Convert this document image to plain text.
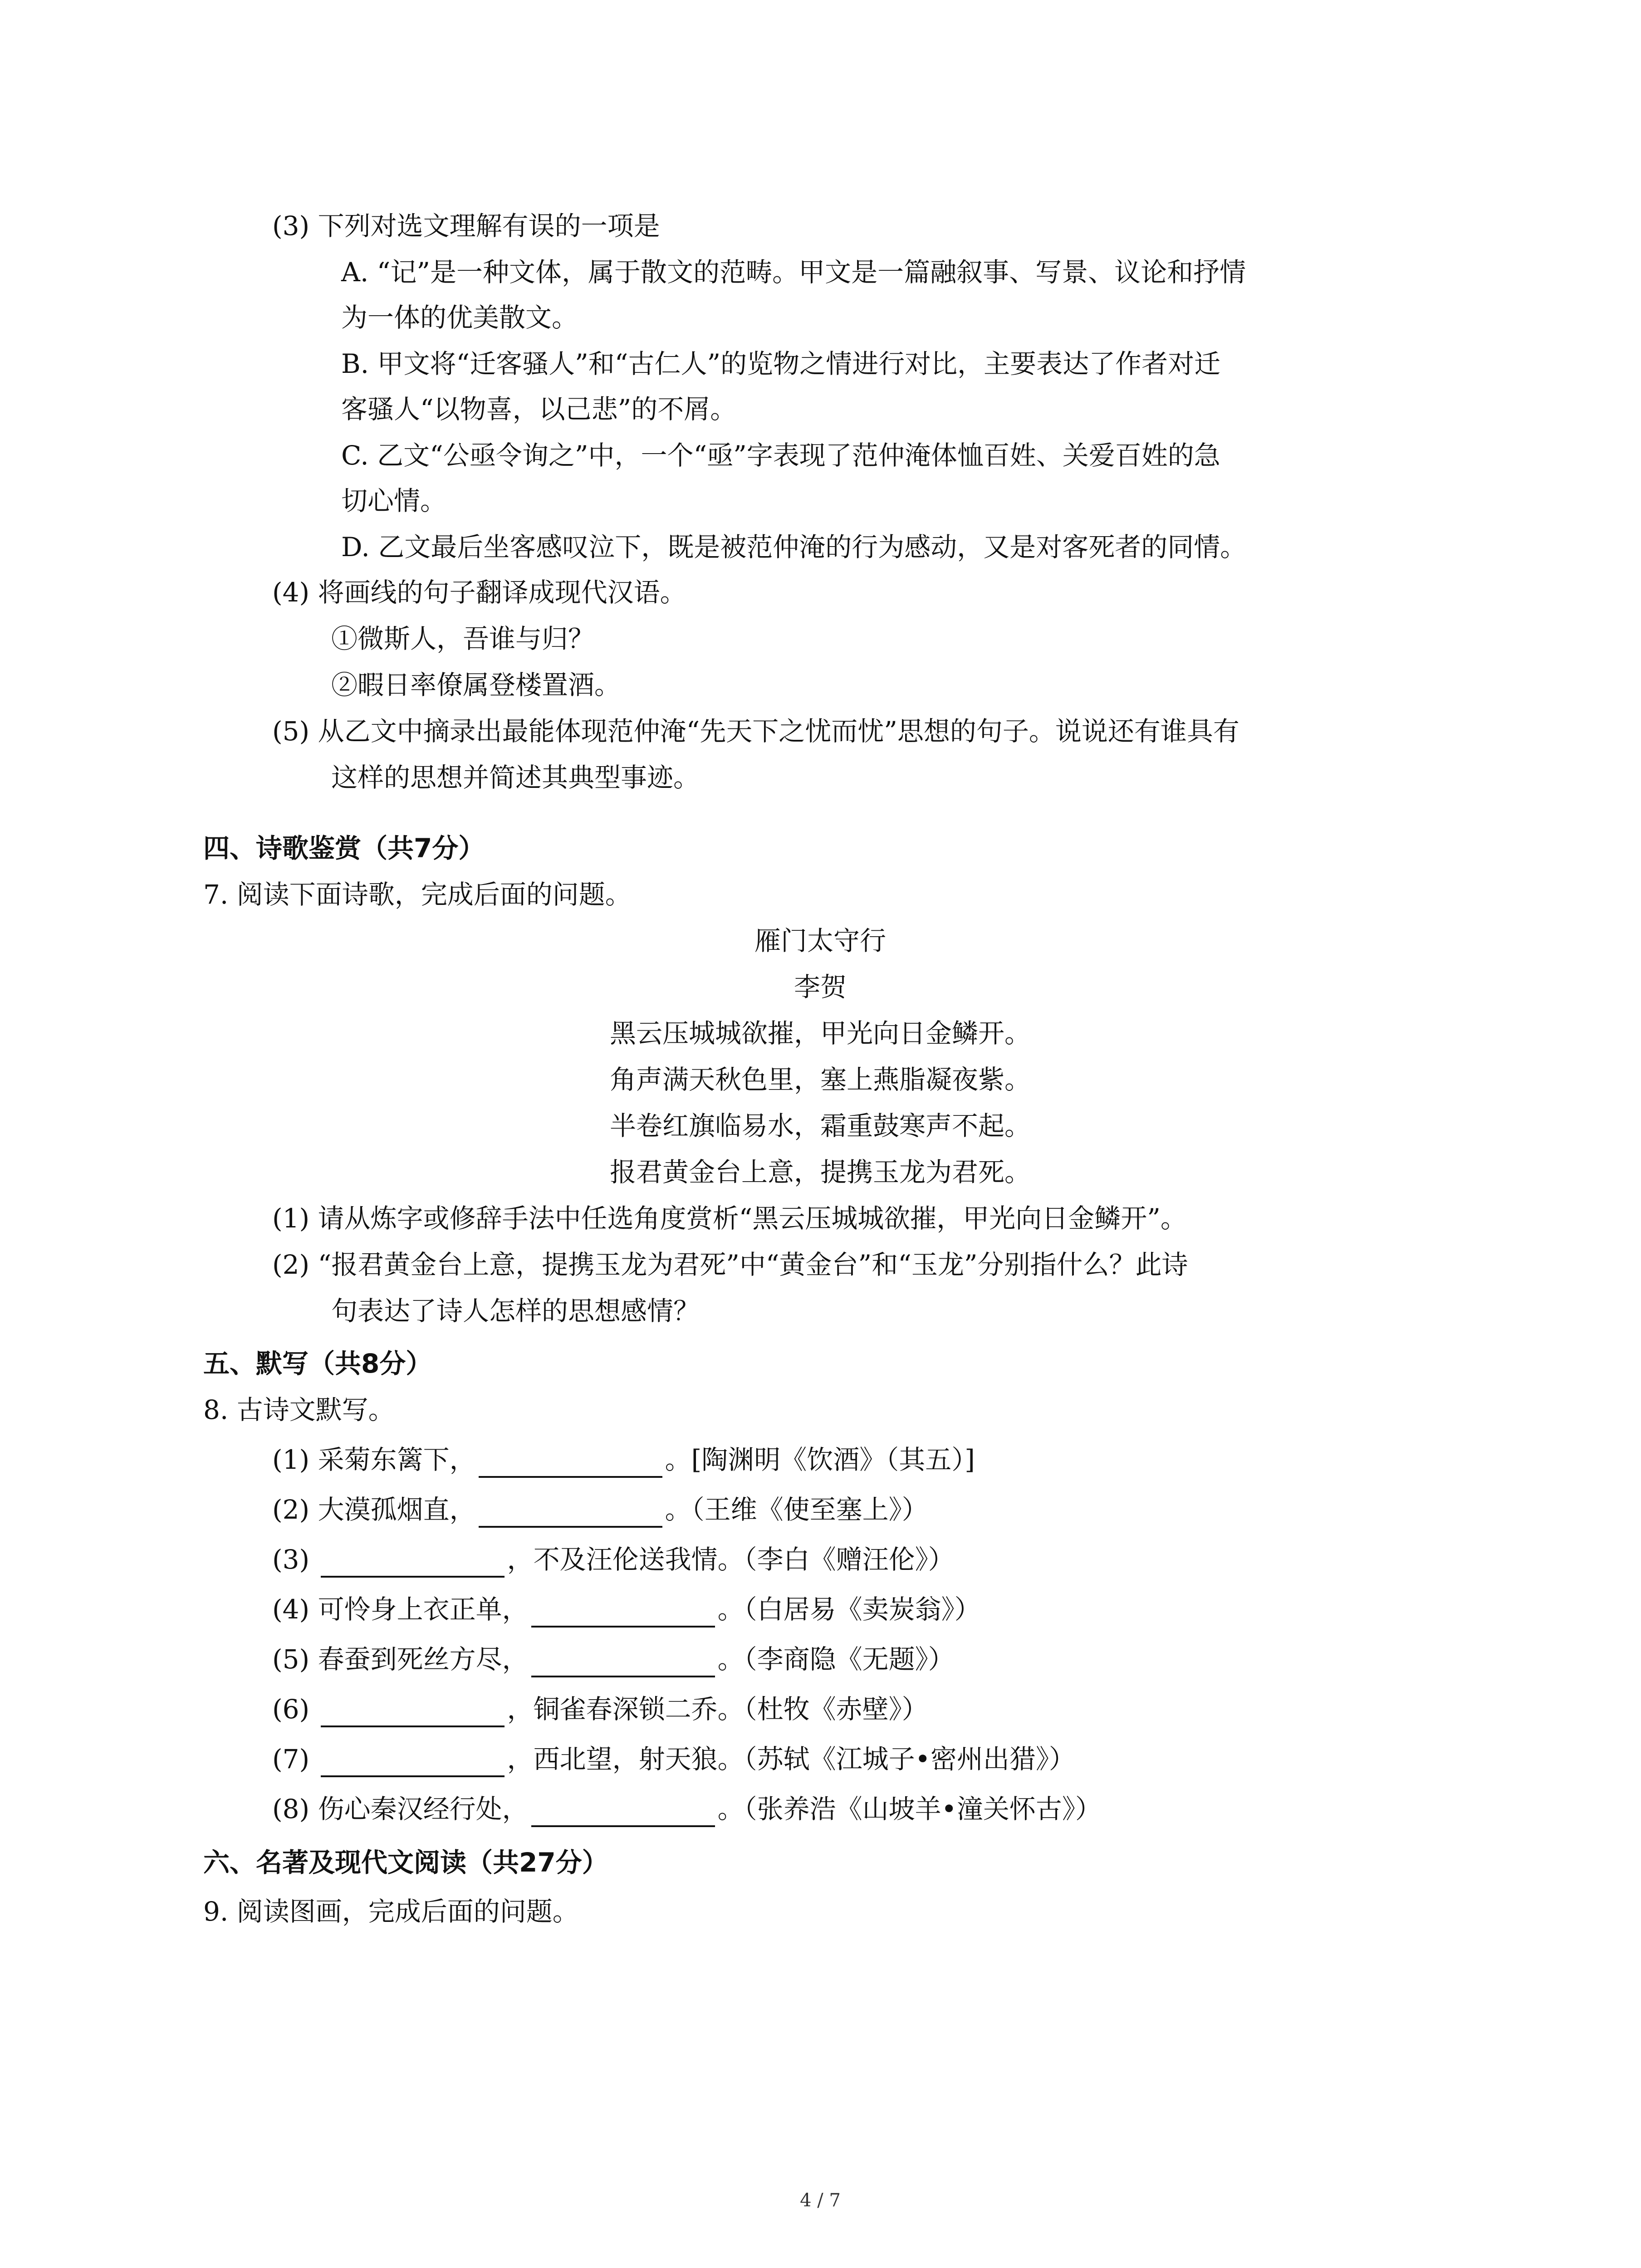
(3) 下列对选文理解有误的一项是
A. “记”是一种文体，属于散文的范畴。甲文是一篇融叙事、写景、议论和抒情
为一体的优美散文。
B. 甲文将“迁客骚人”和“古仁人”的览物之情进行对比，主要表达了作者对迁
客骚人“以物喜，以己悲”的不屑。
C. 乙文“公亟令询之”中，一个“亟”字表现了范仲淹体恤百姓、关爱百姓的急
切心情。
D. 乙文最后坐客感叹泣下，既是被范仲淹的行为感动，又是对客死者的同情。
(4) 将画线的句子翻译成现代汉语。
①微斯人，吾谁与归？
②暇日率僚属登楼置酒。
(5) 从乙文中摘录出最能体现范仲淹“先天下之忧而忧”思想的句子。说说还有谁具有
这样的思想并简述其典型事迹。
四、诗歌鉴赏（共7分）
7. 阅读下面诗歌，完成后面的问题。
雁门太守行
李贺
黑云压城城欲摧，甲光向日金鳞开。
角声满天秋色里，塞上燕脂凝夜紫。
半卷红旗临易水，霜重鼓寒声不起。
报君黄金台上意，提携玉龙为君死。
(1) 请从炼字或修辞手法中任选角度赏析“黑云压城城欲摧，甲光向日金鳞开”。
(2) “报君黄金台上意，提携玉龙为君死”中“黄金台”和“玉龙”分别指什么？此诗
句表达了诗人怎样的思想感情？
五、默写（共8分）
8. 古诗文默写。
(1) 采菊东篱下，	。[陶渊明《饮酒》（其五）]
(2) 大漠孤烟直，	。（王维《使至塞上》）
(3)	，不及汪伦送我情。（李白《赠汪伦》）
(4) 可怜身上衣正单，	。（白居易《卖炭翁》）
(5) 春蚕到死丝方尽，	。（李商隐《无题》）
(6)	，铜雀春深锁二乔。（杜牧《赤壁》）
(7)	，西北望，射天狼。（苏轼《江城子•密州出猎》）
(8) 伤心秦汉经行处，	。（张养浩《山坡羊•潼关怀古》）
六、名著及现代文阅读（共27分）
9. 阅读图画，完成后面的问题。
4 / 7
